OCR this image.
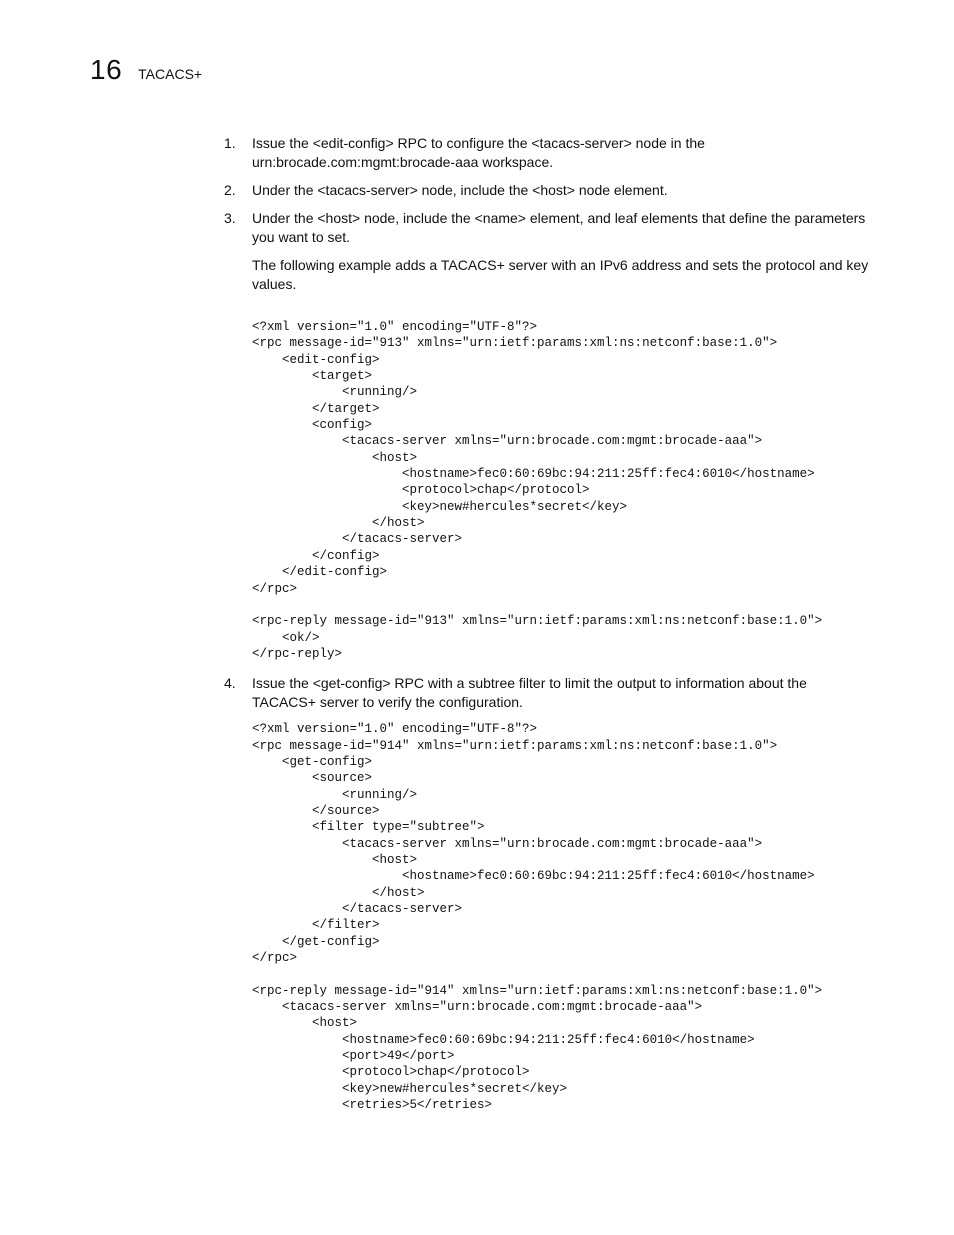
16 TACACS+
1.	Issue the <edit-config> RPC to configure the <tacacs-server> node in the urn:brocade.com:mgmt:brocade-aaa workspace.
2.	Under the <tacacs-server> node, include the <host> node element.
3.	Under the <host> node, include the <name> element, and leaf elements that define the parameters you want to set.
The following example adds a TACACS+ server with an IPv6 address and sets the protocol and key values.
<?xml version="1.0" encoding="UTF-8"?>
<rpc message-id="913" xmlns="urn:ietf:params:xml:ns:netconf:base:1.0">
<edit-config>
<target>
<running/>
</target>
<config>
<tacacs-server xmlns="urn:brocade.com:mgmt:brocade-aaa">
<host>
<hostname>fec0:60:69bc:94:211:25ff:fec4:6010</hostname>
<protocol>chap</protocol>
<key>new#hercules*secret</key>
</host>
</tacacs-server>
</config>
</edit-config>
</rpc>

<rpc-reply message-id="913" xmlns="urn:ietf:params:xml:ns:netconf:base:1.0">
<ok/>
</rpc-reply>
4.	Issue the <get-config> RPC with a subtree filter to limit the output to information about the TACACS+ server to verify the configuration.
<?xml version="1.0" encoding="UTF-8"?>
<rpc message-id="914" xmlns="urn:ietf:params:xml:ns:netconf:base:1.0">
<get-config>
<source>
<running/>
</source>
<filter type="subtree">
<tacacs-server xmlns="urn:brocade.com:mgmt:brocade-aaa">
<host>
<hostname>fec0:60:69bc:94:211:25ff:fec4:6010</hostname>
</host>
</tacacs-server>
</filter>
</get-config>
</rpc>

<rpc-reply message-id="914" xmlns="urn:ietf:params:xml:ns:netconf:base:1.0">
<tacacs-server xmlns="urn:brocade.com:mgmt:brocade-aaa">
<host>
<hostname>fec0:60:69bc:94:211:25ff:fec4:6010</hostname>
<port>49</port>
<protocol>chap</protocol>
<key>new#hercules*secret</key>
<retries>5</retries>
